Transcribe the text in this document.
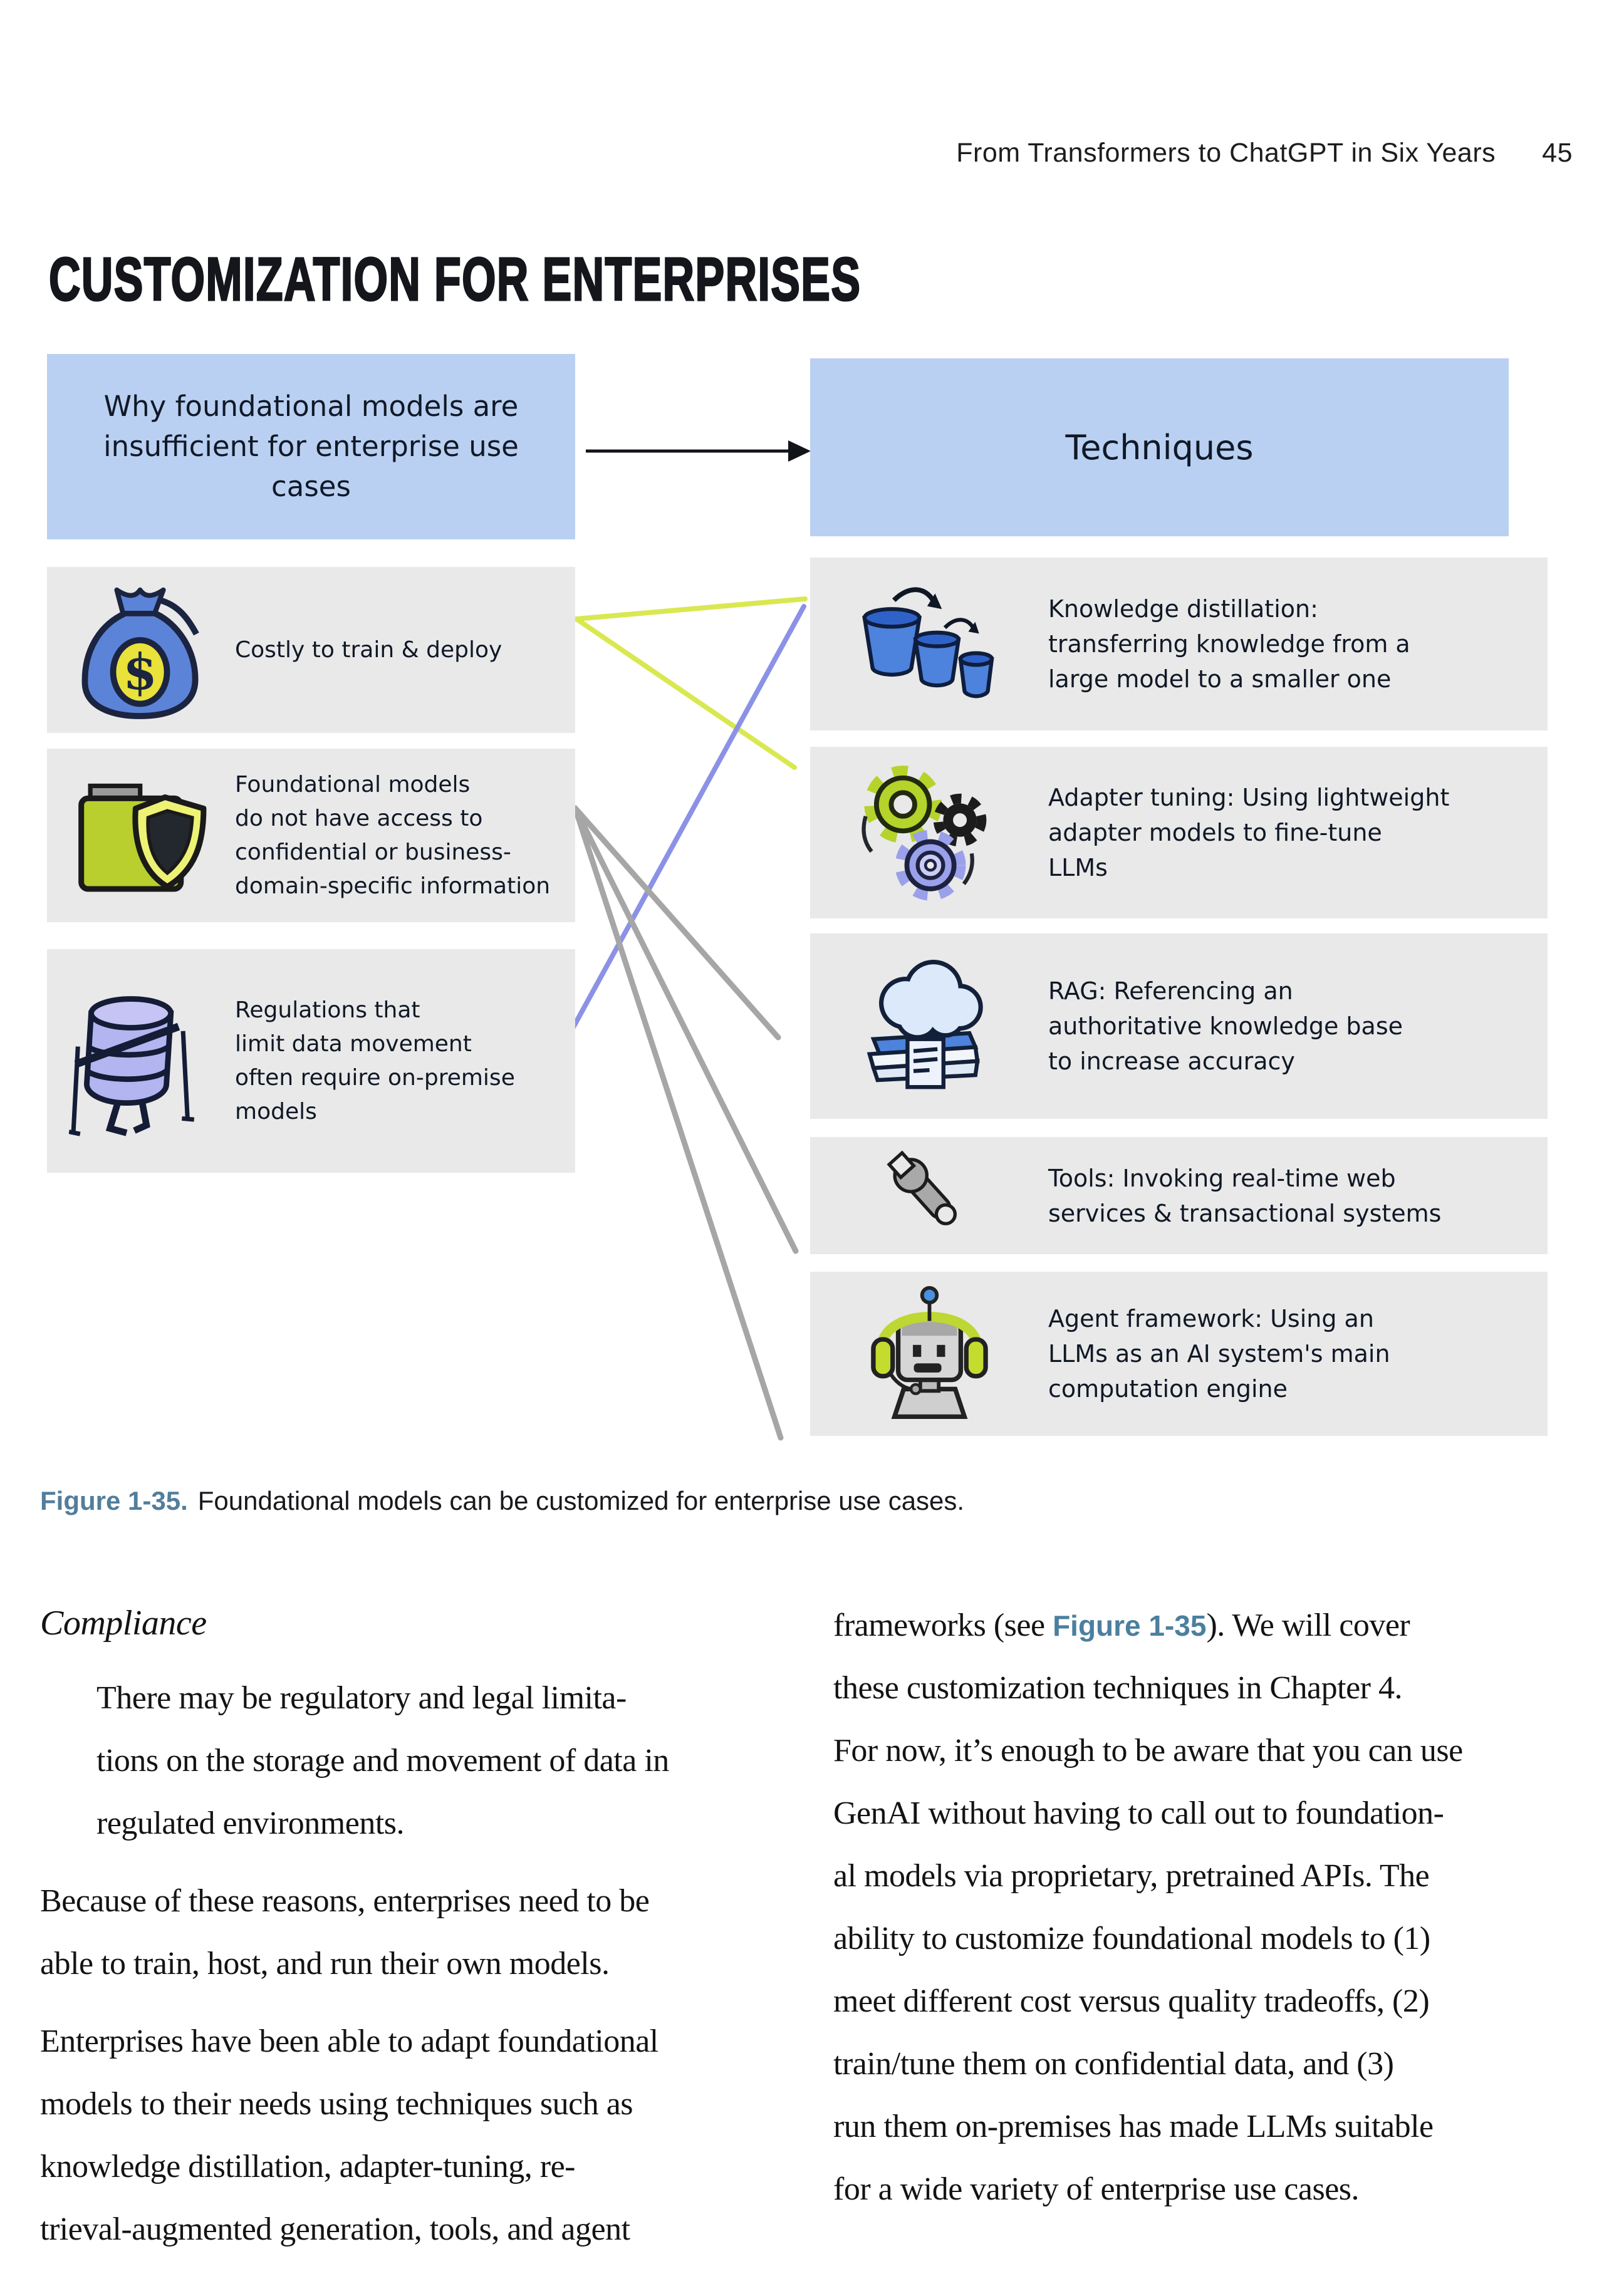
From Transformers to ChatGPT in Six Years 45
CUSTOMIZATION FOR ENTERPRISES
Why foundational models are
insufficient for enterprise use
cases
Techniques
$	Costly to train & deploy
Foundational models
do not have access to
confidential or business-
domain-specific information
Regulations that
limit data movement
often require on-premise
models
Knowledge distillation:
transferring knowledge from a
large model to a smaller one
Adapter tuning: Using lightweight
adapter models to fine-tune
LLMs
RAG: Referencing an
authoritative knowledge base
to increase accuracy
Tools: Invoking real-time web
services & transactional systems
Agent framework: Using an
LLMs as an AI system's main
computation engine
Figure 1-35. Foundational models can be customized for enterprise use cases.
Compliance
There may be regulatory and legal limita-
tions on the storage and movement of data in
regulated environments.
Because of these reasons, enterprises need to be
able to train, host, and run their own models.
Enterprises have been able to adapt foundational
models to their needs using techniques such as
knowledge distillation, adapter-tuning, re-
trieval-augmented generation, tools, and agent
frameworks (see Figure 1-35). We will cover
these customization techniques in Chapter 4.
For now, it’s enough to be aware that you can use
GenAI without having to call out to foundation-
al models via proprietary, pretrained APIs. The
ability to customize foundational models to (1)
meet different cost versus quality tradeoffs, (2)
train/tune them on confidential data, and (3)
run them on-premises has made LLMs suitable
for a wide variety of enterprise use cases.
